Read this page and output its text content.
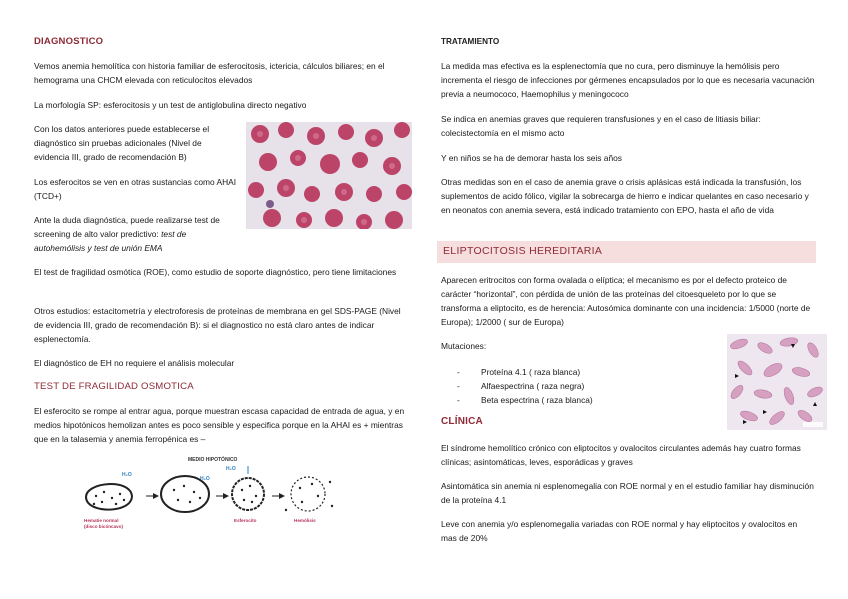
DIAGNOSTICO

Vemos anemia hemolítica con historia familiar de esferocitosis, ictericia, cálculos biliares; en el hemograma una CHCM elevada con reticulocitos elevados

La morfología SP: esferocitosis y un test de antiglobulina directo negativo

Con los datos anteriores puede establecerse el diagnóstico sin pruebas adicionales (Nivel de evidencia III, grado de recomendación B)

Los esferocitos se ven en otras sustancias como AHAI (TCD+)

Ante la duda diagnóstica, puede realizarse test de screening de alto valor predictivo: test de autohemólisis y test de unión EMA

El test de fragilidad osmótica (ROE), como estudio de soporte diagnóstico, pero tiene limitaciones

Otros estudios: estacitometría y electroforesis de proteínas de membrana en gel SDS-PAGE (Nivel de evidencia III, grado de recomendación B): si el diagnostico no está claro antes de indicar esplenectomía.

El diagnóstico de EH no requiere el análisis molecular

TEST DE FRAGILIDAD OSMOTICA

El esferocito se rompe al entrar agua, porque muestran escasa capacidad de entrada de agua, y en medios hipotónicos hemolizan antes es poco sensible y especifica porque en la AHAI es + mientras que en la talasemia y anemia ferropénica es –

MEDIO HIPOTÓNICO
H₂O
H₂O
H₂O
Hematie normal
(disco bicóncavo)
Esferocito	Hemólisis
TRATAMIENTO

La medida mas efectiva es la esplenectomía que no cura, pero disminuye la hemólisis pero incrementa el riesgo de infecciones por gérmenes encapsulados por lo que es necesaria vacunación previa a neumococo, Haemophilus y meningococo

Se indica en anemias graves que requieren transfusiones y en el caso de litiasis biliar: colecistectomía en el mismo acto

Y en niños se ha de demorar hasta los seis años

Otras medidas son en el caso de anemia grave o crisis aplásicas está indicada la transfusión, los suplementos de acido fólico, vigilar la sobrecarga de hierro e indicar quelantes en caso necesario y en neonatos con anemia severa, está indicado tratamiento con EPO, hasta el año de vida

ELIPTOCITOSIS HEREDITARIA

Aparecen eritrocitos con forma ovalada o elíptica; el mecanismo es por el defecto proteico de carácter “horizontal”, con pérdida de unión de las proteínas del citoesqueleto por lo que se transforma a eliptocito, es de herencia: Autosómica dominante con una incidencia: 1/5000 (norte de Europa); 1/2000 ( sur de Europa)

Mutaciones:

- Proteína 4.1 ( raza blanca)
- Alfaespectrina ( raza negra)
- Beta espectrina ( raza blanca)
CLÍNICA

El síndrome hemolítico crónico con eliptocitos y ovalocitos circulantes además hay cuatro formas clínicas; asintomáticas, leves, esporádicas y graves

Asintomática sin anemia ni esplenomegalia con ROE normal y en el estudio familiar hay disminución de la proteína 4.1

Leve con anemia y/o esplenomegalia variadas con ROE normal y hay eliptocitos y ovalocitos en mas de 20%
